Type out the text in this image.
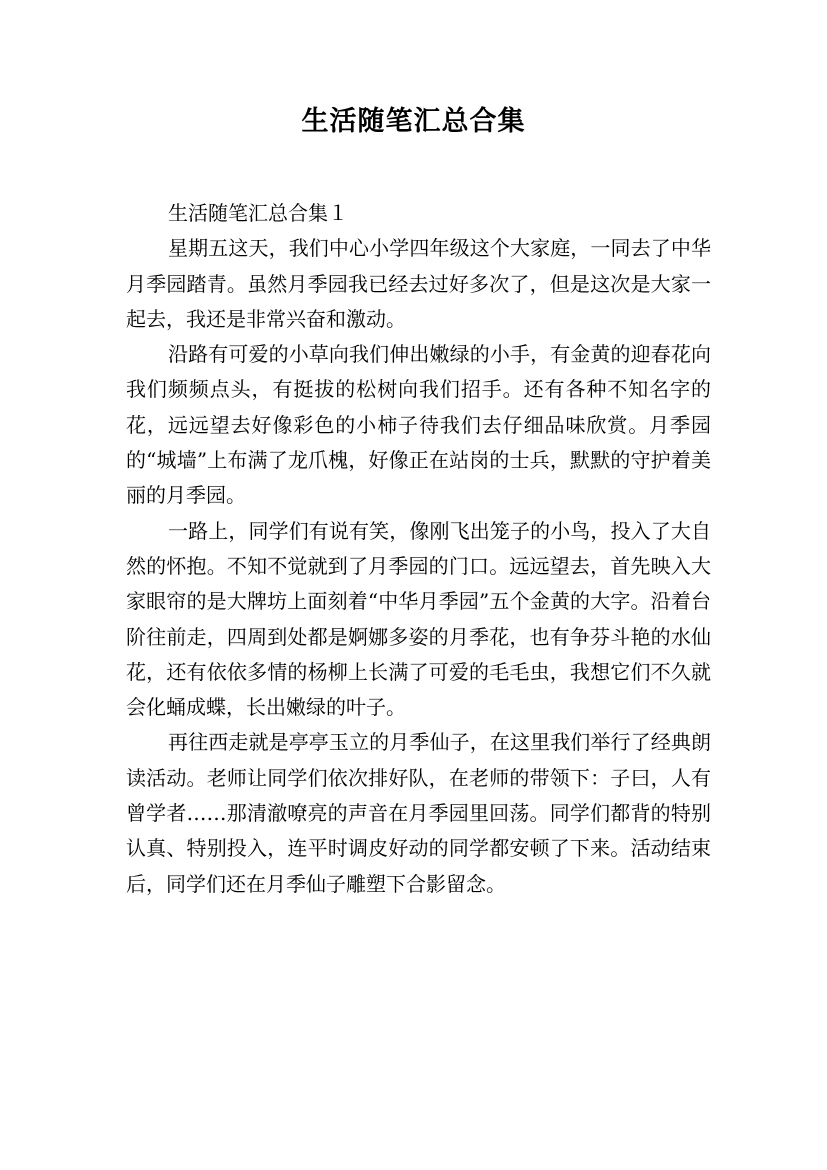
生活随笔汇总合集

生活随笔汇总合集１

星期五这天，我们中心小学四年级这个大家庭，一同去了中华月季园踏青。虽然月季园我已经去过好多次了，但是这次是大家一起去，我还是非常兴奋和激动。

沿路有可爱的小草向我们伸出嫩绿的小手，有金黄的迎春花向我们频频点头，有挺拔的松树向我们招手。还有各种不知名字的花，远远望去好像彩色的小柿子待我们去仔细品味欣赏。月季园的“城墙”上布满了龙爪槐，好像正在站岗的士兵，默默的守护着美丽的月季园。

一路上，同学们有说有笑，像刚飞出笼子的小鸟，投入了大自然的怀抱。不知不觉就到了月季园的门口。远远望去，首先映入大家眼帘的是大牌坊上面刻着“中华月季园”五个金黄的大字。沿着台阶往前走，四周到处都是婀娜多姿的月季花，也有争芬斗艳的水仙花，还有依依多情的杨柳上长满了可爱的毛毛虫，我想它们不久就会化蛹成蝶，长出嫩绿的叶子。

再往西走就是亭亭玉立的月季仙子，在这里我们举行了经典朗读活动。老师让同学们依次排好队，在老师的带领下：子曰，人有曾学者……那清澈嘹亮的声音在月季园里回荡。同学们都背的特别认真、特别投入，连平时调皮好动的同学都安顿了下来。活动结束后，同学们还在月季仙子雕塑下合影留念。
